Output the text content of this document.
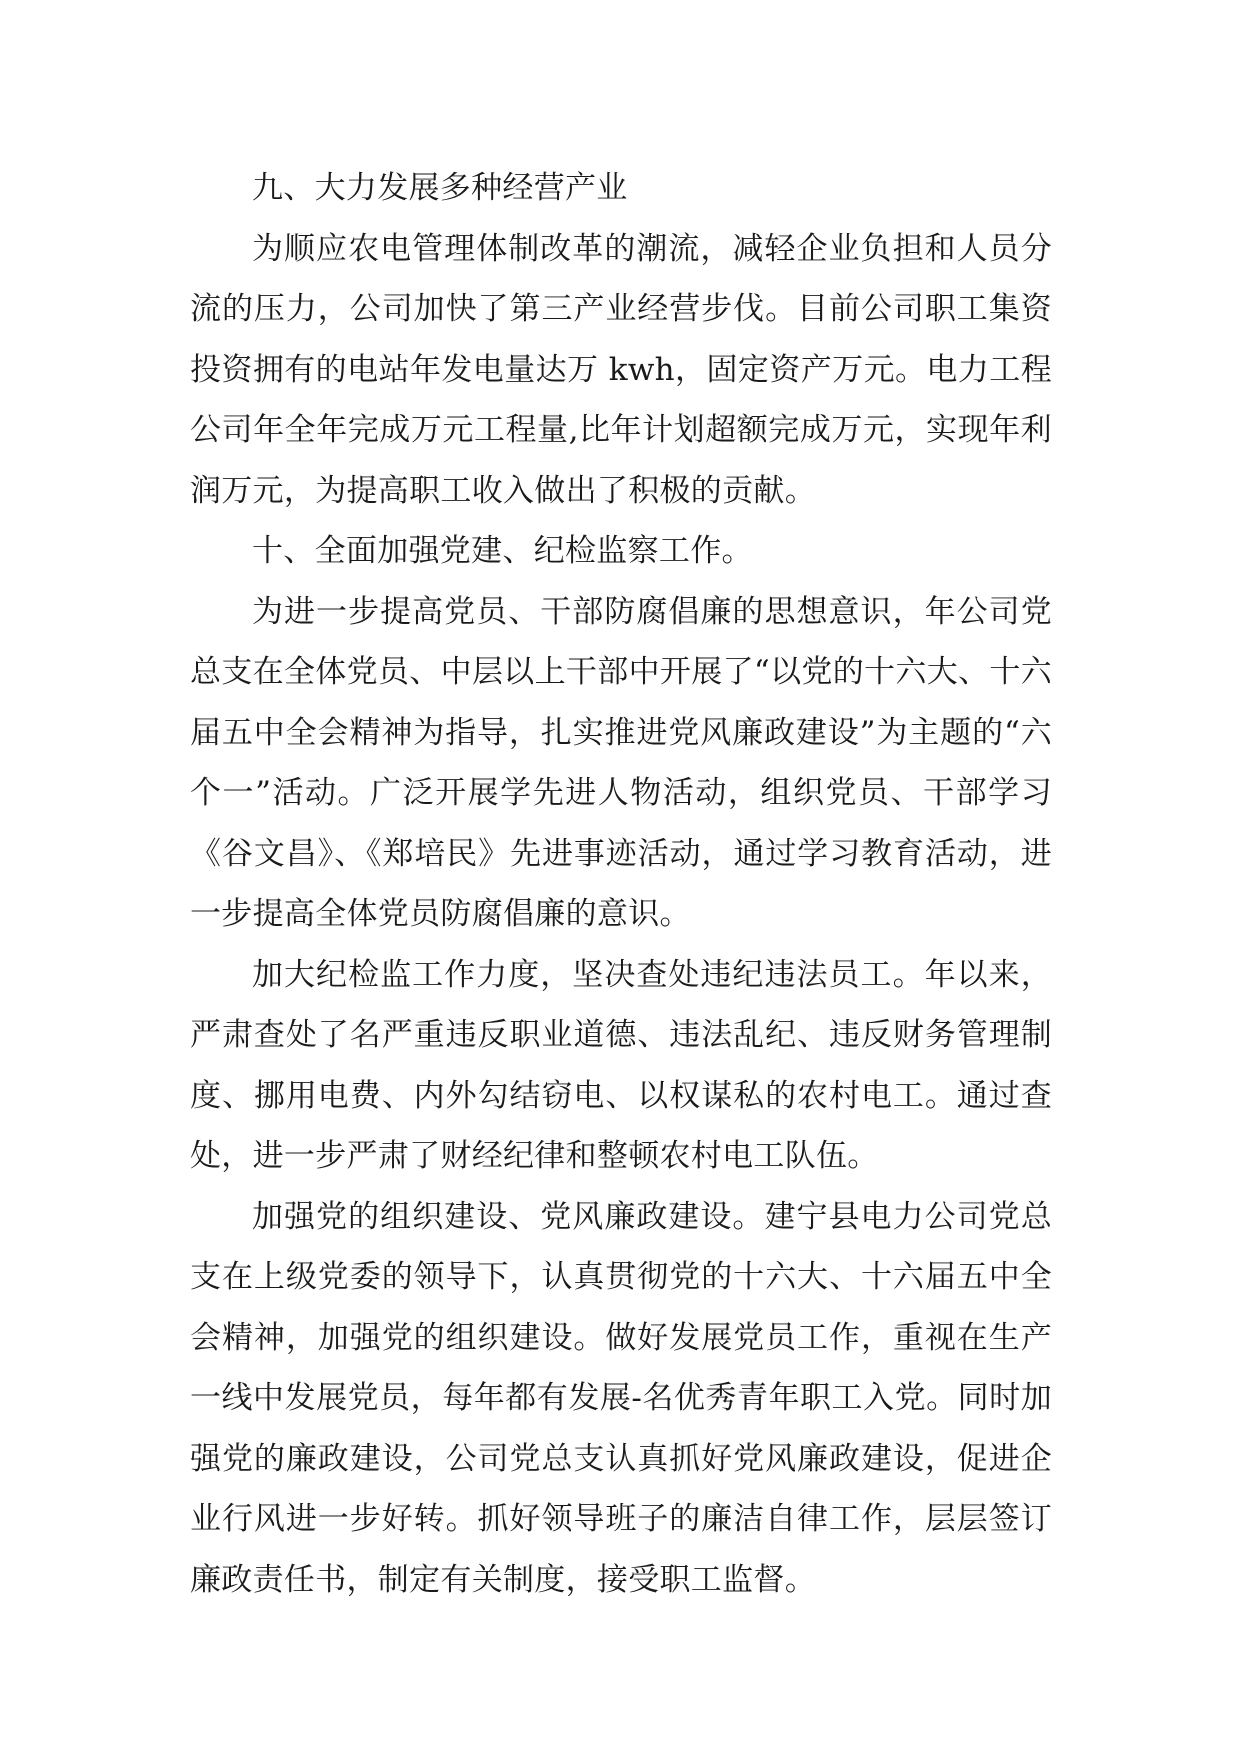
九、大力发展多种经营产业

为顺应农电管理体制改革的潮流，减轻企业负担和人员分流的压力，公司加快了第三产业经营步伐。目前公司职工集资投资拥有的电站年发电量达万 kwh，固定资产万元。电力工程公司年全年完成万元工程量,比年计划超额完成万元，实现年利润万元，为提高职工收入做出了积极的贡献。

十、全面加强党建、纪检监察工作。

为进一步提高党员、干部防腐倡廉的思想意识，年公司党总支在全体党员、中层以上干部中开展了“以党的十六大、十六届五中全会精神为指导，扎实推进党风廉政建设”为主题的“六个一”活动。广泛开展学先进人物活动，组织党员、干部学习《谷文昌》、《郑培民》先进事迹活动，通过学习教育活动，进一步提高全体党员防腐倡廉的意识。

加大纪检监工作力度，坚决查处违纪违法员工。年以来，严肃查处了名严重违反职业道德、违法乱纪、违反财务管理制度、挪用电费、内外勾结窃电、以权谋私的农村电工。通过查处，进一步严肃了财经纪律和整顿农村电工队伍。

加强党的组织建设、党风廉政建设。建宁县电力公司党总支在上级党委的领导下，认真贯彻党的十六大、十六届五中全会精神，加强党的组织建设。做好发展党员工作，重视在生产一线中发展党员，每年都有发展-名优秀青年职工入党。同时加强党的廉政建设，公司党总支认真抓好党风廉政建设，促进企业行风进一步好转。抓好领导班子的廉洁自律工作，层层签订廉政责任书，制定有关制度，接受职工监督。
